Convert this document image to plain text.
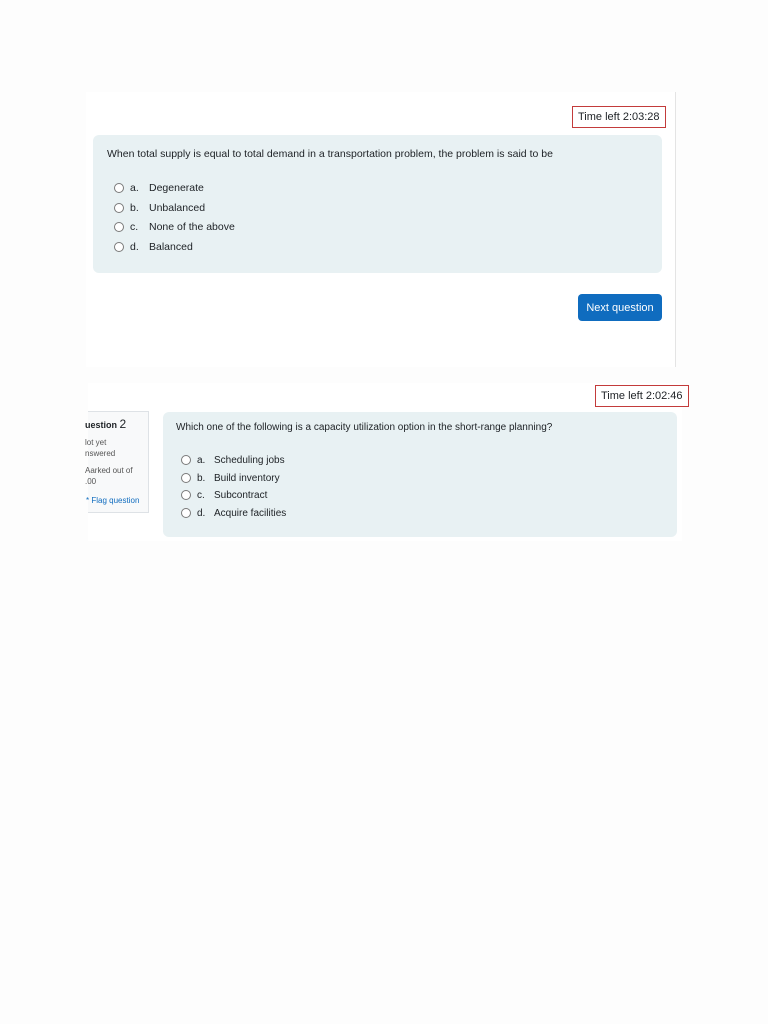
Time left 2:03:28
When total supply is equal to total demand in a transportation problem, the problem is said to be
a. Degenerate
b. Unbalanced
c.	None of the above
d. Balanced
Next question
Time left 2:02:46
uestion 2
lot yet
nswered
Aarked out of
.00
* Flag question
Which one of the following is a capacity utilization option in the short-range planning?
a. Scheduling jobs
b. Build inventory
c. Subcontract
d. Acquire facilities
